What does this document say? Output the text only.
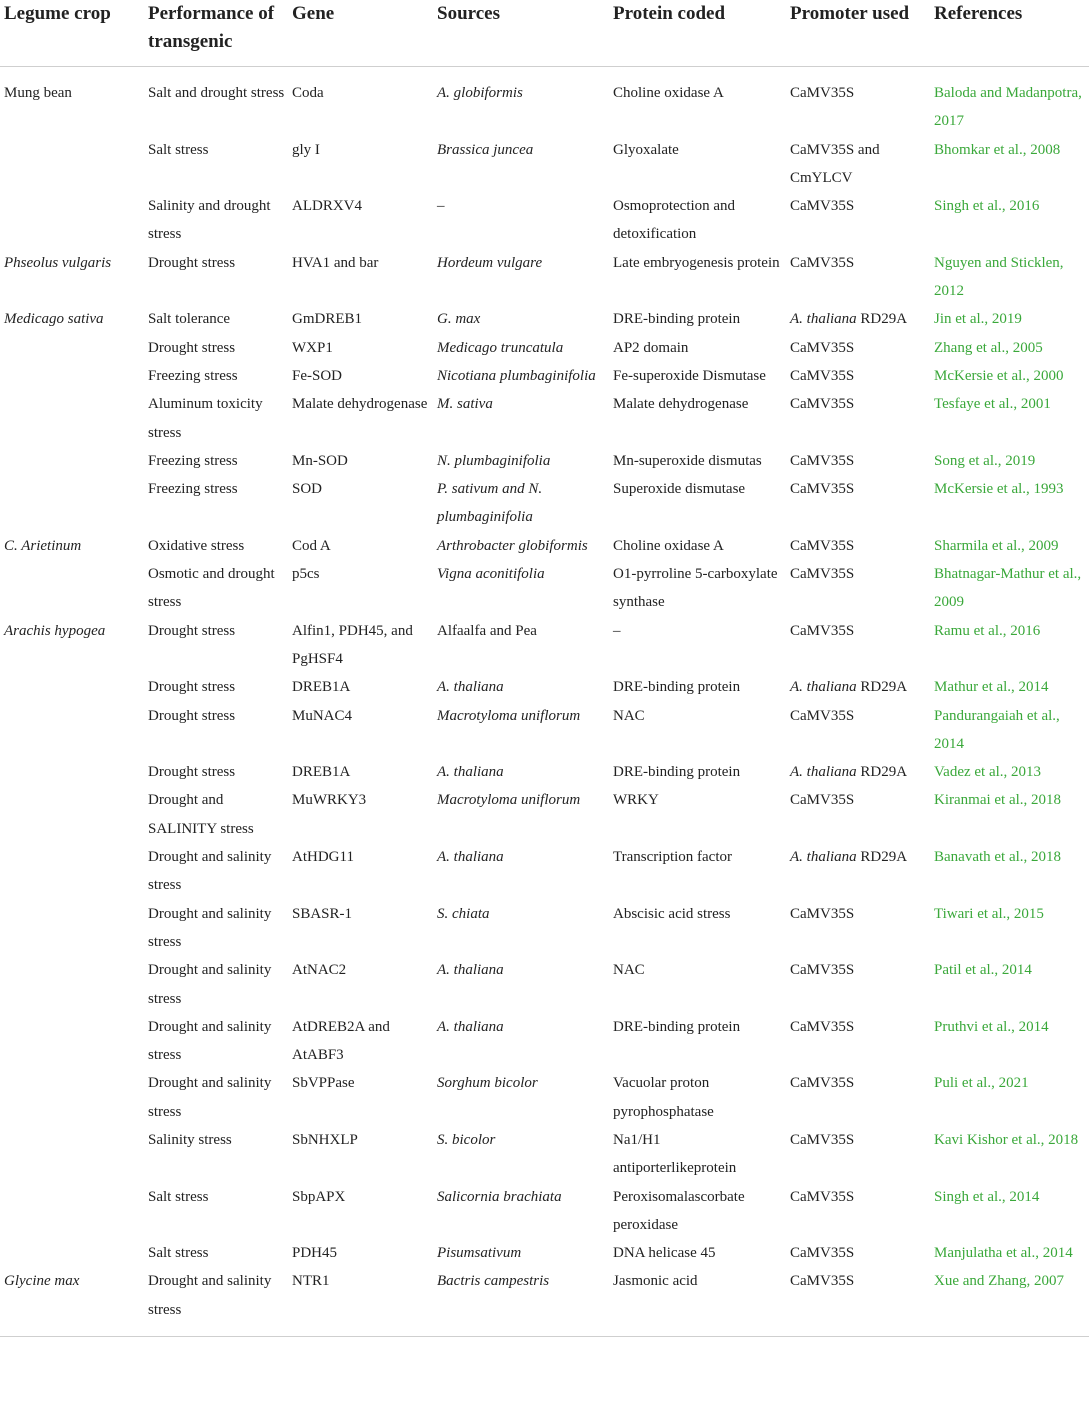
Legume crop	Performance of transgenic	Gene	Sources	Protein coded	Promoter used	References
Mung bean	Salt and drought stress	Coda	A. globiformis	Choline oxidase A	CaMV35S	Baloda and Madanpotra, 2017
	Salt stress	gly I	Brassica juncea	Glyoxalate	CaMV35S and CmYLCV	Bhomkar et al., 2008
	Salinity and drought stress	ALDRXV4	–	Osmoprotection and detoxification	CaMV35S	Singh et al., 2016
Phseolus vulgaris	Drought stress	HVA1 and bar	Hordeum vulgare	Late embryogenesis protein	CaMV35S	Nguyen and Sticklen, 2012
Medicago sativa	Salt tolerance	GmDREB1	G. max	DRE-binding protein	A. thaliana RD29A	Jin et al., 2019
	Drought stress	WXP1	Medicago truncatula	AP2 domain	CaMV35S	Zhang et al., 2005
	Freezing stress	Fe-SOD	Nicotiana plumbaginifolia	Fe-superoxide Dismutase	CaMV35S	McKersie et al., 2000
	Aluminum toxicity stress	Malate dehydrogenase	M. sativa	Malate dehydrogenase	CaMV35S	Tesfaye et al., 2001
	Freezing stress	Mn-SOD	N. plumbaginifolia	Mn-superoxide dismutas	CaMV35S	Song et al., 2019
	Freezing stress	SOD	P. sativum and N. plumbaginifolia	Superoxide dismutase	CaMV35S	McKersie et al., 1993
C. Arietinum	Oxidative stress	Cod A	Arthrobacter globiformis	Choline oxidase A	CaMV35S	Sharmila et al., 2009
	Osmotic and drought stress	p5cs	Vigna aconitifolia	O1-pyrroline 5-carboxylate synthase	CaMV35S	Bhatnagar-Mathur et al., 2009
Arachis hypogea	Drought stress	Alfin1, PDH45, and PgHSF4	Alfaalfa and Pea	–	CaMV35S	Ramu et al., 2016
	Drought stress	DREB1A	A. thaliana	DRE-binding protein	A. thaliana RD29A	Mathur et al., 2014
	Drought stress	MuNAC4	Macrotyloma uniflorum	NAC	CaMV35S	Pandurangaiah et al., 2014
	Drought stress	DREB1A	A. thaliana	DRE-binding protein	A. thaliana RD29A	Vadez et al., 2013
	Drought and SALINITY stress	MuWRKY3	Macrotyloma uniflorum	WRKY	CaMV35S	Kiranmai et al., 2018
	Drought and salinity stress	AtHDG11	A. thaliana	Transcription factor	A. thaliana RD29A	Banavath et al., 2018
	Drought and salinity stress	SBASR-1	S. chiata	Abscisic acid stress	CaMV35S	Tiwari et al., 2015
	Drought and salinity stress	AtNAC2	A. thaliana	NAC	CaMV35S	Patil et al., 2014
	Drought and salinity stress	AtDREB2A and AtABF3	A. thaliana	DRE-binding protein	CaMV35S	Pruthvi et al., 2014
	Drought and salinity stress	SbVPPase	Sorghum bicolor	Vacuolar proton pyrophosphatase	CaMV35S	Puli et al., 2021
	Salinity stress	SbNHXLP	S. bicolor	Na1/H1 antiporterlikeprotein	CaMV35S	Kavi Kishor et al., 2018
	Salt stress	SbpAPX	Salicornia brachiata	Peroxisomalascorbate peroxidase	CaMV35S	Singh et al., 2014
	Salt stress	PDH45	Pisumsativum	DNA helicase 45	CaMV35S	Manjulatha et al., 2014
Glycine max	Drought and salinity stress	NTR1	Bactris campestris	Jasmonic acid	CaMV35S	Xue and Zhang, 2007
